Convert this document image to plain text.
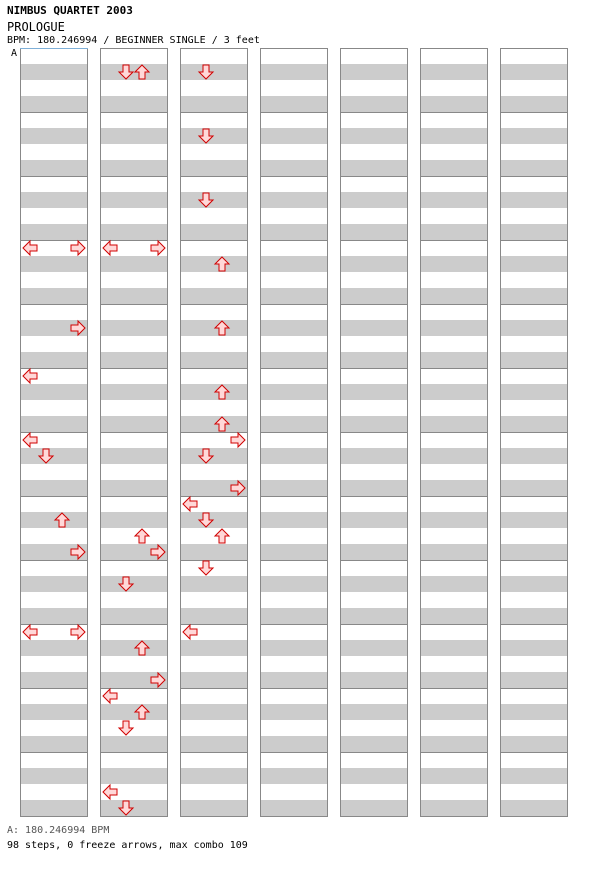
NIMBUS QUARTET 2003
PROLOGUE
BPM: 180.246994 / BEGINNER SINGLE / 3 feet
A
A: 180.246994 BPM
98 steps, 0 freeze arrows, max combo 109
